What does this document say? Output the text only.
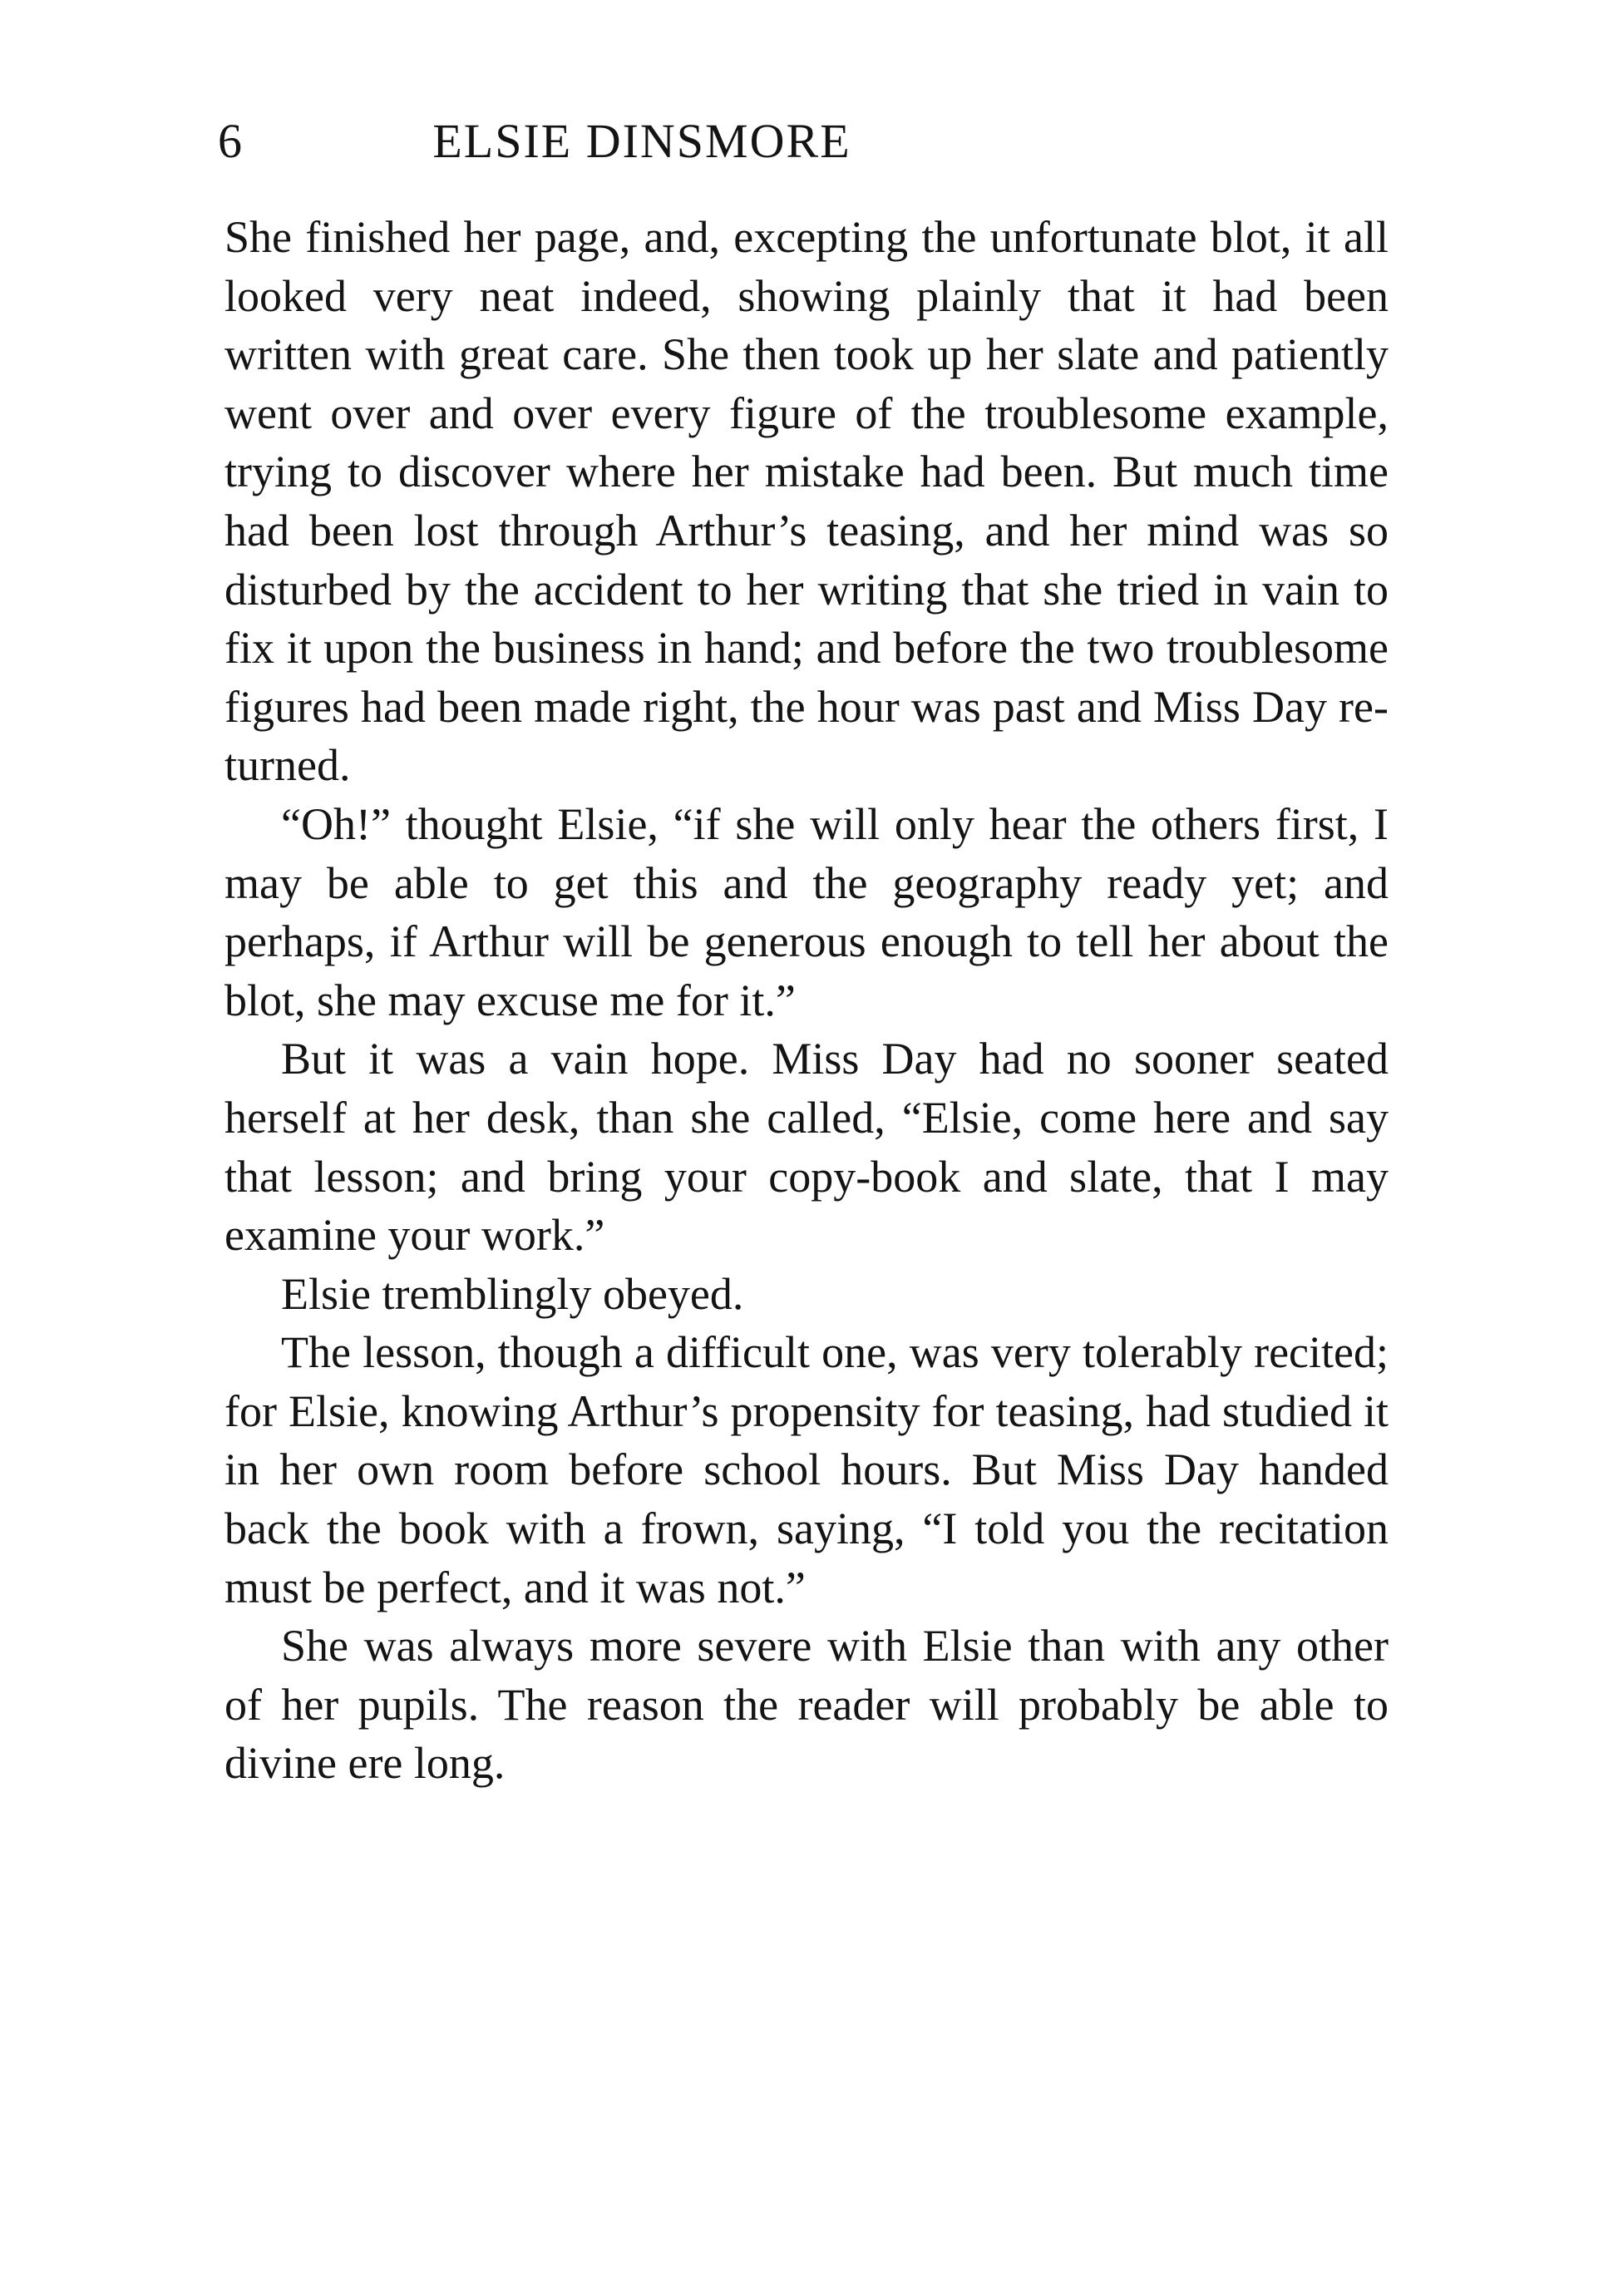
6	ELSIE DINSMORE

She finished her page, and, excepting the unfortunate blot, it all looked very neat indeed, showing plainly that it had been written with great care. She then took up her slate and patiently went over and over every figure of the troublesome example, trying to discover where her mistake had been. But much time had been lost through Arthur’s teasing, and her mind was so disturbed by the accident to her writing that she tried in vain to fix it upon the business in hand; and before the two troublesome figures had been made right, the hour was past and Miss Day returned.

“Oh!” thought Elsie, “if she will only hear the others first, I may be able to get this and the geography ready yet; and perhaps, if Arthur will be generous enough to tell her about the blot, she may excuse me for it.”

But it was a vain hope. Miss Day had no sooner seated herself at her desk, than she called, “Elsie, come here and say that lesson; and bring your copy-book and slate, that I may examine your work.”

Elsie tremblingly obeyed.

The lesson, though a difficult one, was very tolerably recited; for Elsie, knowing Arthur’s propensity for teasing, had studied it in her own room before school hours. But Miss Day handed back the book with a frown, saying, “I told you the recitation must be perfect, and it was not.”

She was always more severe with Elsie than with any other of her pupils. The reason the reader will probably be able to divine ere long.
